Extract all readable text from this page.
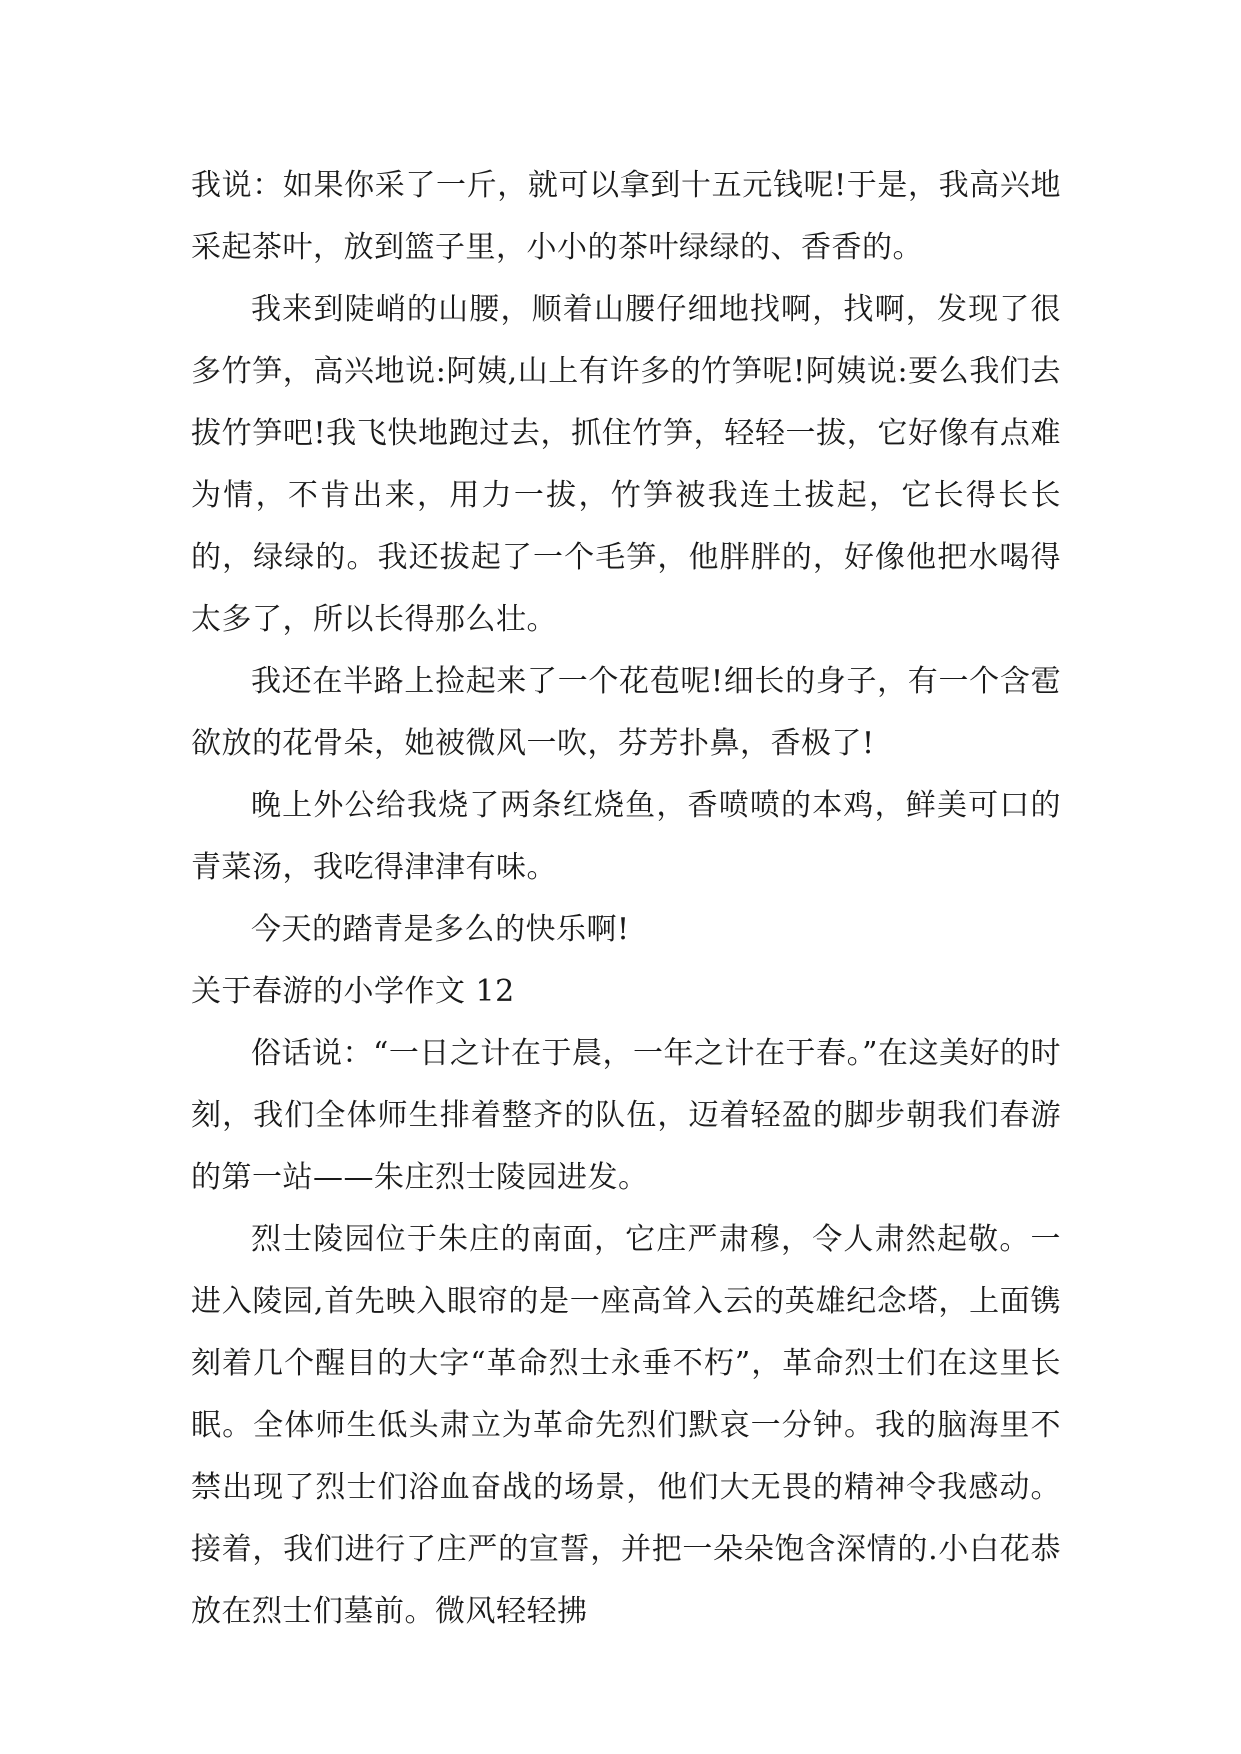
我说：如果你采了一斤，就可以拿到十五元钱呢!于是，我高兴地采起茶叶，放到篮子里，小小的茶叶绿绿的、香香的。

我来到陡峭的山腰，顺着山腰仔细地找啊，找啊，发现了很多竹笋，高兴地说:阿姨,山上有许多的竹笋呢!阿姨说:要么我们去拔竹笋吧!我飞快地跑过去，抓住竹笋，轻轻一拔，它好像有点难为情，不肯出来，用力一拔，竹笋被我连土拔起，它长得长长的，绿绿的。我还拔起了一个毛笋，他胖胖的，好像他把水喝得太多了，所以长得那么壮。

我还在半路上捡起来了一个花苞呢!细长的身子，有一个含雹欲放的花骨朵，她被微风一吹，芬芳扑鼻，香极了!

晚上外公给我烧了两条红烧鱼，香喷喷的本鸡，鲜美可口的青菜汤，我吃得津津有味。

今天的踏青是多么的快乐啊!

关于春游的小学作文 12

俗话说：“一日之计在于晨，一年之计在于春。”在这美好的时刻，我们全体师生排着整齐的队伍，迈着轻盈的脚步朝我们春游的第一站——朱庄烈士陵园进发。

烈士陵园位于朱庄的南面，它庄严肃穆，令人肃然起敬。一进入陵园,首先映入眼帘的是一座高耸入云的英雄纪念塔，上面镌刻着几个醒目的大字“革命烈士永垂不朽”，革命烈士们在这里长眠。全体师生低头肃立为革命先烈们默哀一分钟。我的脑海里不禁出现了烈士们浴血奋战的场景，他们大无畏的精神令我感动。接着，我们进行了庄严的宣誓，并把一朵朵饱含深情的.小白花恭放在烈士们墓前。微风轻轻拂
